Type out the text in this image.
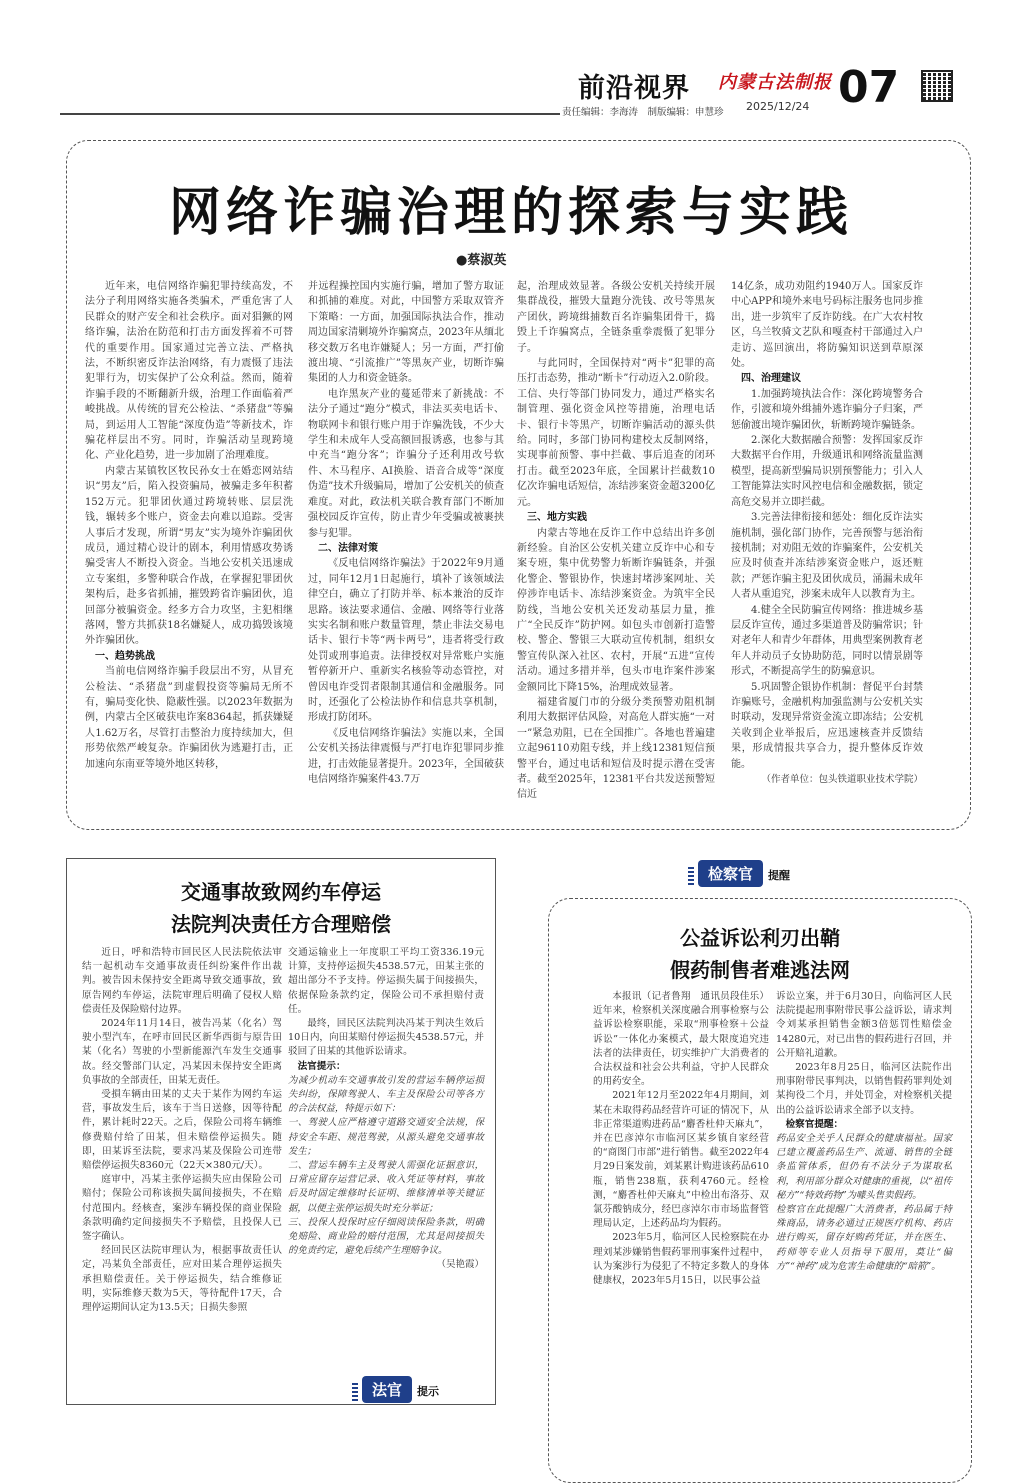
前沿视界 内蒙古法制报 07
责任编辑：李海涛　制版编辑：申慧珍 2025/12/24
网络诈骗治理的探索与实践
●蔡淑英

近年来，电信网络诈骗犯罪持续高发，不法分子利用网络实施各类骗术，严重危害了人民群众的财产安全和社会秩序。面对猖獗的网络诈骗，法治在防范和打击方面发挥着不可替代的重要作用。国家通过完善立法、严格执法，不断织密反诈法治网络，有力震慑了违法犯罪行为，切实保护了公众利益。然而，随着诈骗手段的不断翻新升级，治理工作面临着严峻挑战。从传统的冒充公检法、“杀猪盘”等骗局，到运用人工智能“深度伪造”等新技术，诈骗花样层出不穷。同时，诈骗活动呈现跨境化、产业化趋势，进一步加剧了治理难度。

内蒙古某镇牧区牧民孙女士在婚恋网站结识“男友”后，陷入投资骗局，被骗走多年积蓄152万元。犯罪团伙通过跨境转账、层层洗钱，辗转多个账户，资金去向难以追踪。受害人事后才发现，所谓“男友”实为境外诈骗团伙成员，通过精心设计的剧本，利用情感攻势诱骗受害人不断投入资金。当地公安机关迅速成立专案组，多警种联合作战，在掌握犯罪团伙架构后，赴多省抓捕，摧毁跨省诈骗团伙，追回部分被骗资金。经多方合力攻坚，主犯相继落网，警方共抓获18名嫌疑人，成功捣毁该境外诈骗团伙。

一、趋势挑战

当前电信网络诈骗手段层出不穷，从冒充公检法、“杀猪盘”到虚假投资等骗局无所不有，骗局变化快、隐蔽性强。以2023年数据为例，内蒙古全区破获电诈案8364起，抓获嫌疑人1.62万名，尽管打击整治力度持续加大，但形势依然严峻复杂。诈骗团伙为逃避打击，正加速向东南亚等境外地区转移，

并远程操控国内实施行骗，增加了警方取证和抓捕的难度。对此，中国警方采取双管齐下策略：一方面，加强国际执法合作，推动周边国家清剿境外诈骗窝点，2023年从缅北移交数万名电诈嫌疑人；另一方面，严打偷渡出境、“引流推广”等黑灰产业，切断诈骗集团的人力和资金链条。

电诈黑灰产业的蔓延带来了新挑战：不法分子通过“跑分”模式，非法买卖电话卡、物联网卡和银行账户用于诈骗洗钱，不少大学生和未成年人受高额回报诱惑，也参与其中充当“跑分客”；诈骗分子还利用改号软件、木马程序、AI换脸、语音合成等“深度伪造”技术升级骗局，增加了公安机关的侦查难度。对此，政法机关联合教育部门不断加强校园反诈宣传，防止青少年受骗或被裹挟参与犯罪。

二、法律对策

《反电信网络诈骗法》于2022年9月通过，同年12月1日起施行，填补了该领域法律空白，确立了打防并举、标本兼治的反诈思路。该法要求通信、金融、网络等行业落实实名制和账户数量管理，禁止非法交易电话卡、银行卡等“两卡两号”，违者将受行政处罚或刑事追责。法律授权对异常账户实施暂停新开户、重新实名核验等动态管控，对曾因电诈受罚者限制其通信和金融服务。同时，还强化了公检法协作和信息共享机制，形成打防闭环。

《反电信网络诈骗法》实施以来，全国公安机关扬法律震慑与严打电诈犯罪同步推进，打击效能显著提升。2023年，全国破获电信网络诈骗案件43.7万

起，治理成效显著。各级公安机关持续开展集群战役，摧毁大量跑分洗钱、改号等黑灰产团伙，跨境缉捕数百名诈骗集团骨干，捣毁上千诈骗窝点，全链条重拳震慑了犯罪分子。

与此同时，全国保持对“两卡”犯罪的高压打击态势，推动“断卡”行动迈入2.0阶段。工信、央行等部门协同发力，通过严格实名制管理、强化资金风控等措施，治理电话卡、银行卡等黑产，切断诈骗活动的源头供给。同时，多部门协同构建校太反制网络，实现事前预警、事中拦截、事后追查的闭环打击。截至2023年底，全国累计拦截数10亿次诈骗电话短信，冻结涉案资金超3200亿元。

三、地方实践

内蒙古等地在反诈工作中总结出许多创新经验。自治区公安机关建立反诈中心和专案专班，集中优势警力斩断诈骗链条，并强化警企、警银协作，快速封堵涉案网址、关停涉诈电话卡、冻结涉案资金。为筑牢全民防线，当地公安机关还发动基层力量，推广“全民反诈”防护网。如包头市创新打造警校、警企、警银三大联动宣传机制，组织女警宣传队深入社区、农村，开展“五进”宣传活动。通过多措并举，包头市电诈案件涉案金额同比下降15%，治理成效显著。

福建省厦门市的分级分类预警劝阻机制利用大数据评估风险，对高危人群实施“一对一”紧急劝阻，已在全国推广。各地也普遍建立起96110劝阻专线，并上线12381短信预警平台，通过电话和短信及时提示潜在受害者。截至2025年，12381平台共发送预警短信近

14亿条，成功劝阻约1940万人。国家反诈中心APP和境外来电号码标注服务也同步推出，进一步筑牢了反诈防线。在广大农村牧区，乌兰牧骑文艺队和嘎查村干部通过入户走访、巡回演出，将防骗知识送到草原深处。

四、治理建议

1.加强跨境执法合作：深化跨境警务合作，引渡和境外缉捕外逃诈骗分子归案，严惩偷渡出境诈骗团伙，斩断跨境诈骗链条。

2.深化大数据融合预警：发挥国家反诈大数据平台作用，升级通讯和网络流量监测模型，提高新型骗局识别预警能力；引入人工智能算法实时风控电信和金融数据，锁定高危交易并立即拦截。

3.完善法律衔接和惩处：细化反诈法实施机制，强化部门协作，完善预警与惩治衔接机制；对劝阻无效的诈骗案件，公安机关应及时侦查并冻结涉案资金账户，返还赃款；严惩诈骗主犯及团伙成员，涌漏未成年人者从重追究，涉案未成年人以教育为主。

4.健全全民防骗宣传网络：推进城乡基层反诈宣传，通过多渠道普及防骗常识；针对老年人和青少年群体，用典型案例教育老年人并动员子女协助防范，同时以情景剧等形式，不断提高学生的防骗意识。

5.巩固警企银协作机制：督促平台封禁诈骗账号，金融机构加强监测与公安机关实时联动，发现异常资金流立即冻结；公安机关收到企业举报后，应迅速核查并反馈结果，形成情报共享合力，提升整体反诈效能。

（作者单位：包头铁道职业技术学院）

交通事故致网约车停运
法院判决责任方合理赔偿

近日，呼和浩特市回民区人民法院依法审结一起机动车交通事故责任纠纷案件作出裁判。被告因未保持安全距离导致交通事故，致原告网约车停运，法院审理后明确了侵权人赔偿责任及保险赔付边界。

2024年11月14日，被告冯某（化名）驾驶小型汽车，在呼市回民区新华西街与原告田某（化名）驾驶的小型新能源汽车发生交通事故。经交警部门认定，冯某因未保持安全距离负事故的全部责任，田某无责任。

受損车辆由田某的丈夫于某作为网约车运营，事故发生后，该车于当日送修，因等待配件，累计耗时22天。之后，保险公司将车辆维修费赔付给了田某，但未赔偿停运损失。随即，田某诉至法院，要求冯某及保险公司连带赔偿停运损失8360元（22天×380元/天）。

庭审中，冯某主张停运损失应由保险公司赔付；保险公司称该损失属间接损失，不在赔付范围内。经核查，案涉车辆投保的商业保险条款明确约定间接损失不予赔偿，且投保人已签字确认。

经回民区法院审理认为，根据事故责任认定，冯某负全部责任，应对田某合理停运损失承担赔偿责任。关于停运损失，结合维修证明，实际维修天数为5天，等待配件17天，合理停运期间认定为13.5天；日损失参照

交通运输业上一年度职工平均工资336.19元计算，支持停运损失4538.57元，田某主张的超出部分不予支持。停运损失属于间接损失，依据保险条款约定，保险公司不承担赔付责任。

最终，回民区法院判决冯某于判决生效后10日内，向田某赔付停运损失4538.57元，并驳回了田某的其他诉讼请求。

法官提示：

为减少机动车交通事故引发的营运车辆停运损失纠纷，保障驾驶人、车主及保险公司等各方的合法权益，特提示如下：

一、驾驶人应严格遵守道路交通安全法规，保持安全车距、规范驾驶，从源头避免交通事故发生；

二、营运车辆车主及驾驶人需强化证据意识，日常应留存运营记录、收入凭证等材料，事故后及时固定维修时长证明、维修清单等关键证据，以便主张停运损失时充分举证；

三、投保人投保时应仔细阅读保险条款，明确免赔险、商业险的赔付范围，尤其是间接损失的免责约定，避免后续产生理赔争议。

（吴艳霞）

法官 提示
检察官 提醒
公益诉讼利刃出鞘
假药制售者难逃法网

本报讯（记者鲁翔　通讯员段佳乐）近年来，检察机关深度融合刑事检察与公益诉讼检察职能，采取“刑事检察＋公益诉讼”一体化办案模式，最大限度追究违法者的法律责任，切实维护广大消费者的合法权益和社会公共利益，守护人民群众的用药安全。

2021年12月至2022年4月期间，刘某在未取得药品经营许可证的情况下，从非正常渠道购进药品“麝香杜仲天麻丸”，并在巴彦淖尔市临河区某乡镇自家经营的“商图门市部”进行销售。截至2022年4月29日案发前，刘某累计购进该药品610瓶，销售238瓶，获利4760元。经检测，“麝香杜仲天麻丸”中检出布洛芬、双氯芬酸钠成分，经巴彦淖尔市市场监督管理局认定，上述药品均为假药。

2023年5月，临河区人民检察院在办理刘某涉嫌销售假药罪刑事案件过程中，认为案涉行为侵犯了不特定多数人的身体健康权，2023年5月15日，以民事公益

诉讼立案，并于6月30日，向临河区人民法院提起刑事附带民事公益诉讼，请求判令刘某承担销售金额3倍惩罚性赔偿金14280元，对已出售的假药进行召回，并公开赔礼道歉。

2023年8月25日，临河区法院作出刑事附带民事判决，以销售假药罪判处刘某拘役二个月，并处罚金，对检察机关提出的公益诉讼请求全部予以支持。

检察官提醒：

药品安全关乎人民群众的健康福祉。国家已建立覆盖药品生产、流通、销售的全链条监管体系，但仍有不法分子为谋取私利，利用部分群众对健康的重视，以“祖传秘方”“特效药物”为噱头售卖假药。

检察官在此提醒广大消费者，药品属于特殊商品，请务必通过正规医疗机构、药店进行购买，留存好购药凭证，并在医生、药师等专业人员指导下服用，莫让“偏方”“神药”成为危害生命健康的“暗箭”。
